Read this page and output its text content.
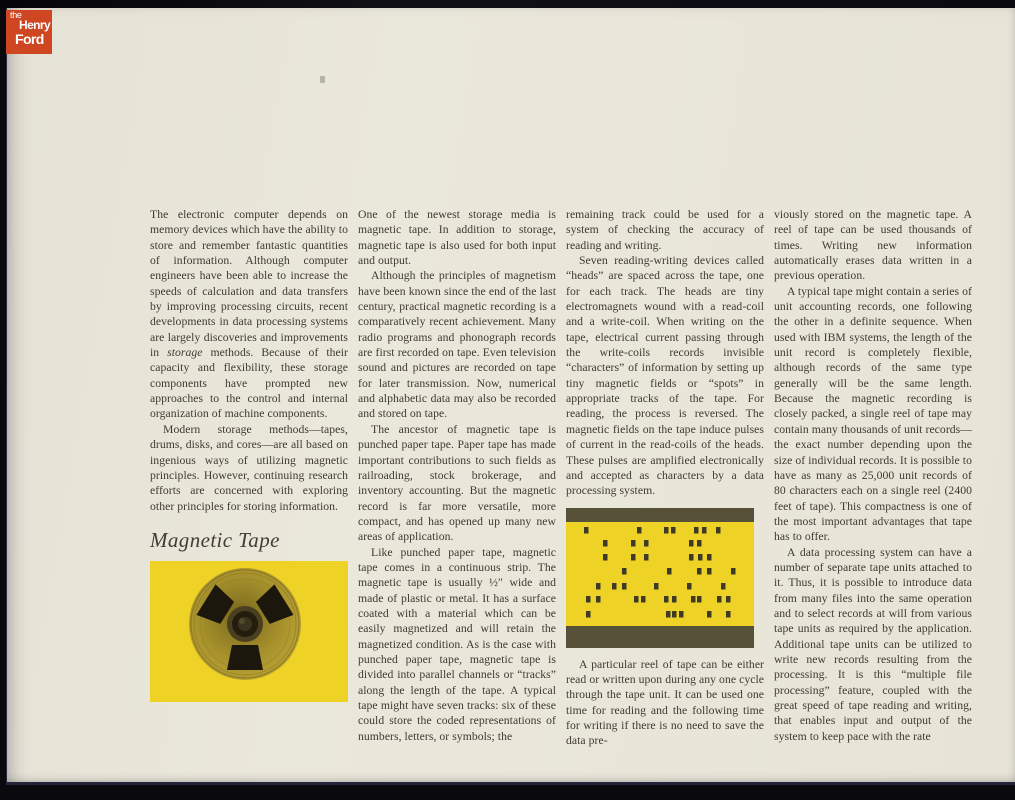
the
Henry
Ford

The electronic computer depends on memory devices which have the ability to store and remember fantastic quantities of information. Although computer engineers have been able to increase the speeds of calculation and data transfers by improving processing circuits, recent developments in data processing systems are largely discoveries and improvements in storage methods. Because of their capacity and flexibility, these storage components have prompted new approaches to the control and internal organization of machine components.

Modern storage methods—tapes, drums, disks, and cores—are all based on ingenious ways of utilizing magnetic principles. However, continuing research efforts are concerned with exploring other principles for storing information.

Magnetic Tape

One of the newest storage media is magnetic tape. In addition to storage, magnetic tape is also used for both input and output.

Although the principles of magnetism have been known since the end of the last century, practical magnetic recording is a comparatively recent achievement. Many radio programs and phonograph records are first recorded on tape. Even television sound and pictures are recorded on tape for later transmission. Now, numerical and alphabetic data may also be recorded and stored on tape.

The ancestor of magnetic tape is punched paper tape. Paper tape has made important contributions to such fields as railroading, stock brokerage, and inventory accounting. But the magnetic record is far more versatile, more compact, and has opened up many new areas of application.

Like punched paper tape, magnetic tape comes in a continuous strip. The magnetic tape is usually ½″ wide and made of plastic or metal. It has a surface coated with a material which can be easily magnetized and will retain the magnetized condition. As is the case with punched paper tape, magnetic tape is divided into parallel channels or “tracks” along the length of the tape. A typical tape might have seven tracks: six of these could store the coded representations of numbers, letters, or symbols; the

remaining track could be used for a system of checking the accuracy of reading and writing.

Seven reading-writing devices called “heads” are spaced across the tape, one for each track. The heads are tiny electromagnets wound with a read-coil and a write-coil. When writing on the tape, electrical current passing through the write-coils records invisible “characters” of information by setting up tiny magnetic fields or “spots” in appropriate tracks of the tape. For reading, the process is reversed. The magnetic fields on the tape induce pulses of current in the read-coils of the heads. These pulses are amplified electronically and accepted as characters by a data processing system.

A particular reel of tape can be either read or written upon during any one cycle through the tape unit. It can be used one time for reading and the following time for writing if there is no need to save the data pre-

viously stored on the magnetic tape. A reel of tape can be used thousands of times. Writing new information automatically erases data written in a previous operation.

A typical tape might contain a series of unit accounting records, one following the other in a definite sequence. When used with IBM systems, the length of the unit record is completely flexible, although records of the same type generally will be the same length. Because the magnetic recording is closely packed, a single reel of tape may contain many thousands of unit records—the exact number depending upon the size of individual records. It is possible to have as many as 25,000 unit records of 80 characters each on a single reel (2400 feet of tape). This compactness is one of the most important advantages that tape has to offer.

A data processing system can have a number of separate tape units attached to it. Thus, it is possible to introduce data from many files into the same operation and to select records at will from various tape units as required by the application. Additional tape units can be utilized to write new records resulting from the processing. It is this “multiple file processing” feature, coupled with the great speed of tape reading and writing, that enables input and output of the system to keep pace with the rate
